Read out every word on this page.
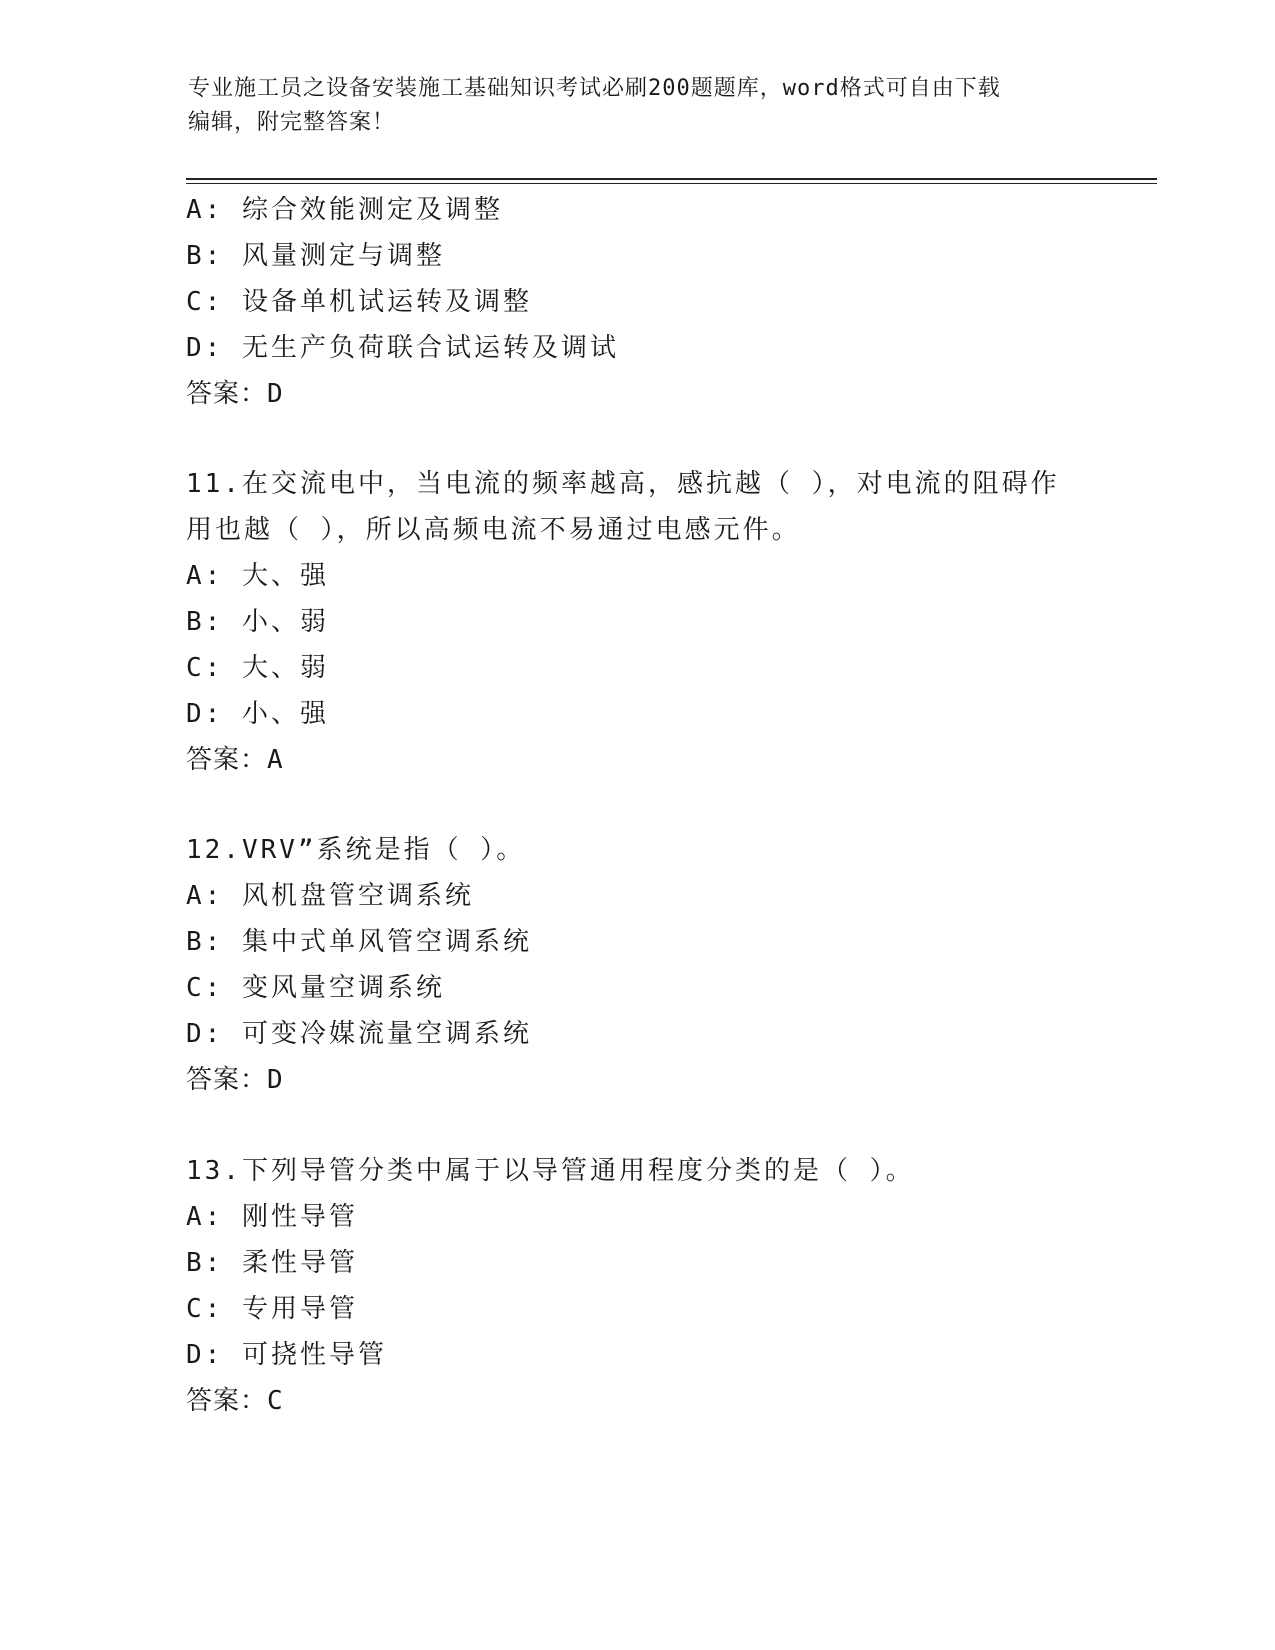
专业施工员之设备安装施工基础知识考试必刷200题题库，word格式可自由下载
编辑，附完整答案！
A: 综合效能测定及调整
B: 风量测定与调整
C: 设备单机试运转及调整
D: 无生产负荷联合试运转及调试
答案：D
11.在交流电中，当电流的频率越高，感抗越（ ），对电流的阻碍作
用也越（ ），所以高频电流不易通过电感元件。
A: 大、强
B: 小、弱
C: 大、弱
D: 小、强
答案：A
12.VRV”系统是指（ ）。
A: 风机盘管空调系统
B: 集中式单风管空调系统
C: 变风量空调系统
D: 可变冷媒流量空调系统
答案：D
13.下列导管分类中属于以导管通用程度分类的是（ ）。
A: 刚性导管
B: 柔性导管
C: 专用导管
D: 可挠性导管
答案：C
